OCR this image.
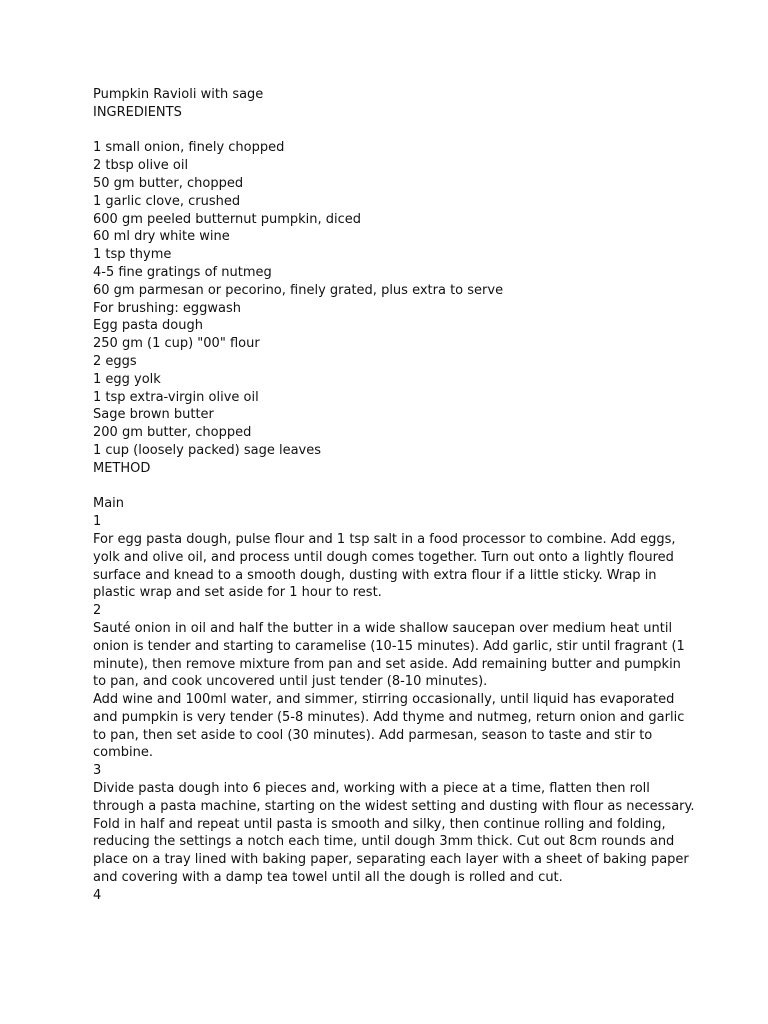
Pumpkin Ravioli with sage
INGREDIENTS
1 small onion, finely chopped
2 tbsp olive oil
50 gm butter, chopped
1 garlic clove, crushed
600 gm peeled butternut pumpkin, diced
60 ml dry white wine
1 tsp thyme
4-5 fine gratings of nutmeg
60 gm parmesan or pecorino, finely grated, plus extra to serve
For brushing: eggwash
Egg pasta dough
250 gm (1 cup) "00" flour
2 eggs
1 egg yolk
1 tsp extra-virgin olive oil
Sage brown butter
200 gm butter, chopped
1 cup (loosely packed) sage leaves
METHOD
Main
1
For egg pasta dough, pulse flour and 1 tsp salt in a food processor to combine. Add eggs,
yolk and olive oil, and process until dough comes together. Turn out onto a lightly floured
surface and knead to a smooth dough, dusting with extra flour if a little sticky. Wrap in
plastic wrap and set aside for 1 hour to rest.
2
Sauté onion in oil and half the butter in a wide shallow saucepan over medium heat until
onion is tender and starting to caramelise (10-15 minutes). Add garlic, stir until fragrant (1
minute), then remove mixture from pan and set aside. Add remaining butter and pumpkin
to pan, and cook uncovered until just tender (8-10 minutes).
Add wine and 100ml water, and simmer, stirring occasionally, until liquid has evaporated
and pumpkin is very tender (5-8 minutes). Add thyme and nutmeg, return onion and garlic
to pan, then set aside to cool (30 minutes). Add parmesan, season to taste and stir to
combine.
3
Divide pasta dough into 6 pieces and, working with a piece at a time, flatten then roll
through a pasta machine, starting on the widest setting and dusting with flour as necessary.
Fold in half and repeat until pasta is smooth and silky, then continue rolling and folding,
reducing the settings a notch each time, until dough 3mm thick. Cut out 8cm rounds and
place on a tray lined with baking paper, separating each layer with a sheet of baking paper
and covering with a damp tea towel until all the dough is rolled and cut.
4
